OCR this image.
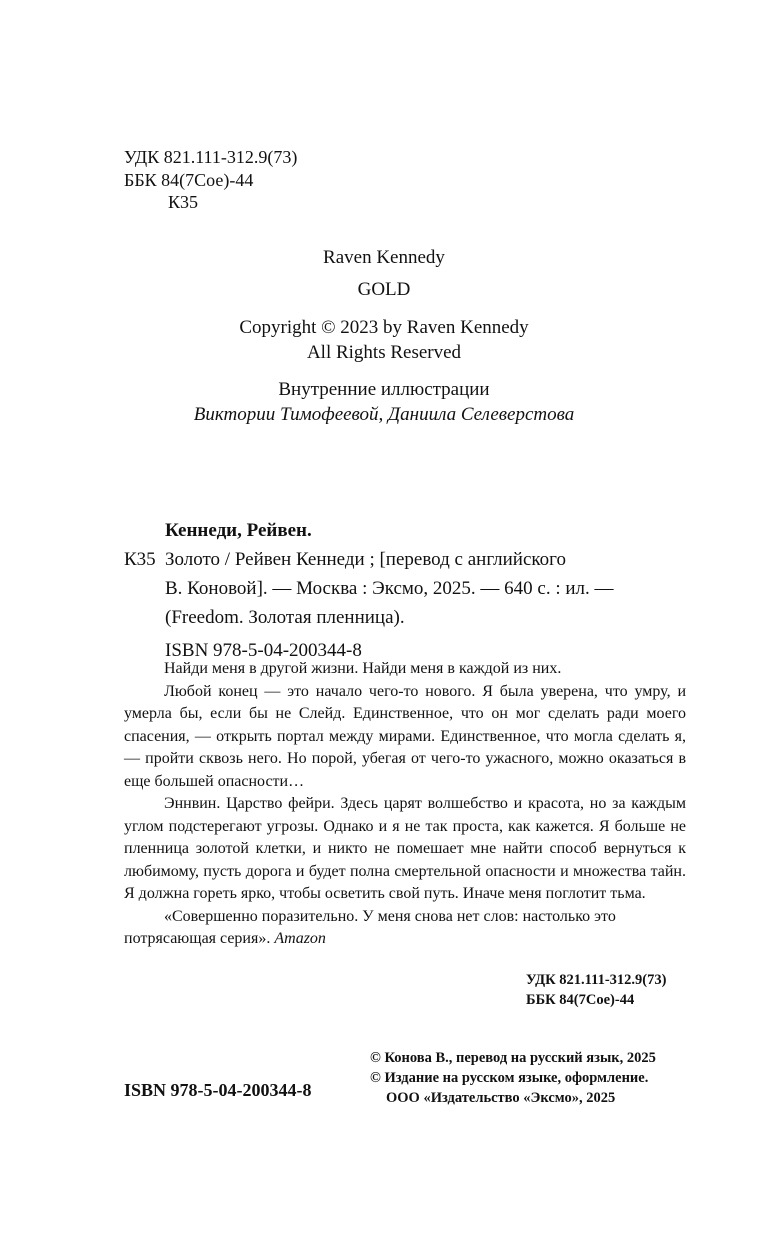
УДК 821.111-312.9(73)
ББК 84(7Сое)-44
К35
Raven Kennedy
GOLD
Copyright © 2023 by Raven Kennedy
All Rights Reserved
Внутренние иллюстрации
Виктории Тимофеевой, Даниила Селеверстова
Кеннеди, Рейвен.
К35 Золото / Рейвен Кеннеди ; [перевод с английского

В. Коновой]. — Москва : Эксмо, 2025. — 640 с. : ил. —

(Freedom. Золотая пленница).

ISBN 978-5-04-200344-8

Найди меня в другой жизни. Найди меня в каждой из них.

Любой конец — это начало чего-то нового. Я была уверена, что умру, и умерла бы, если бы не Слейд. Единственное, что он мог сделать ради моего спасения, — открыть портал между мирами. Единственное, что могла сделать я, — пройти сквозь него. Но порой, убегая от чего-то ужасного, можно оказаться в еще большей опасности…

Эннвин. Царство фейри. Здесь царят волшебство и красота, но за каждым углом подстерегают угрозы. Однако и я не так проста, как кажется. Я больше не пленница золотой клетки, и никто не помешает мне найти способ вернуться к любимому, пусть дорога и будет полна смертельной опасности и множества тайн. Я должна гореть ярко, чтобы осветить свой путь. Иначе меня поглотит тьма.

«Совершенно поразительно. У меня снова нет слов: настолько это потрясающая серия». Amazon

УДК 821.111-312.9(73)
ББК 84(7Сое)-44
ISBN 978-5-04-200344-8
© Конова В., перевод на русский язык, 2025
© Издание на русском языке, оформление.
ООО «Издательство «Эксмо», 2025
